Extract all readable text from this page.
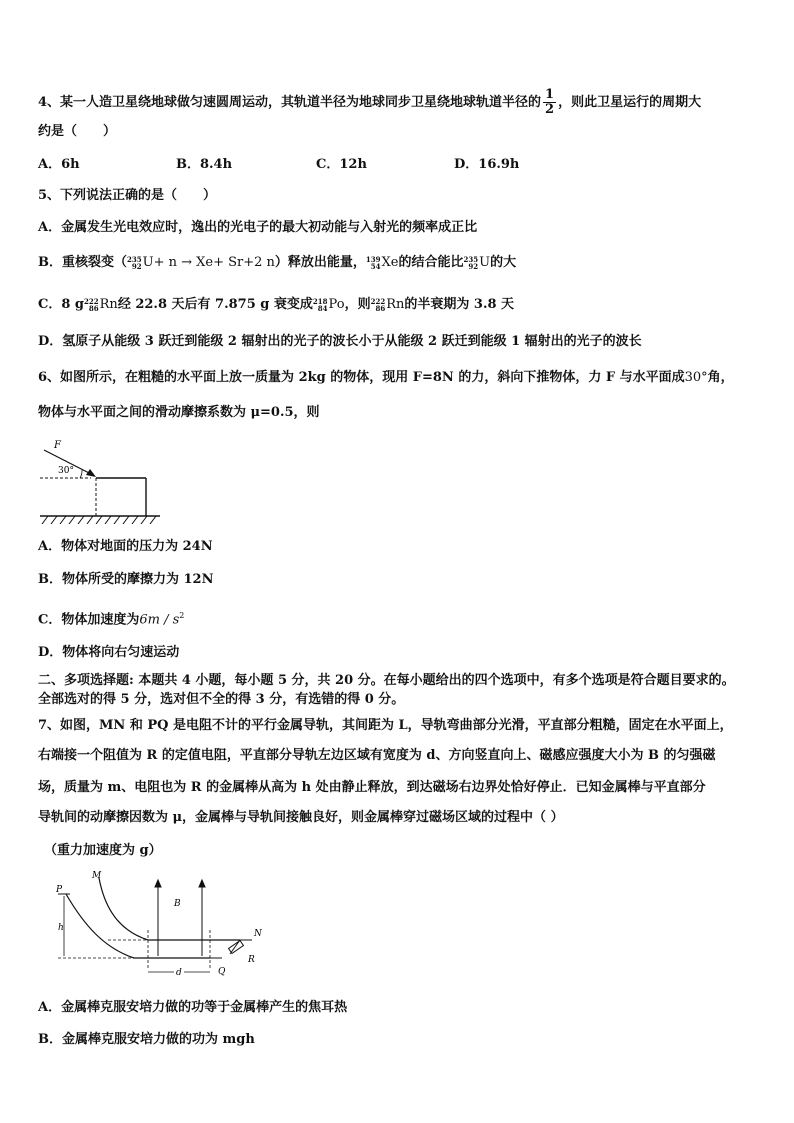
4、某一人造卫星绕地球做匀速圆周运动，其轨道半径为地球同步卫星绕地球轨道半径的 $\frac{1}{2}$ ，则此卫星运行的周期大
约是（　　）
A．6h	B．8.4h	C．12h	D．16.9h
5、下列说法正确的是（　　）
A．金属发生光电效应时，逸出的光电子的最大初动能与入射光的频率成正比
B．重核裂变（ 235
92 U+ n → Xe+ Sr+2 n）释放出能量， 139
54 Xe的结合能比 235
92 U的大
C．8 g 222
86 Rn经 22.8 天后有 7.875 g 衰变成 218
84 Po，则 222
86 Rn的半衰期为 3.8 天
D．氢原子从能级 3 跃迁到能级 2 辐射出的光子的波长小于从能级 2 跃迁到能级 1 辐射出的光子的波长
6、如图所示，在粗糙的水平面上放一质量为 2kg 的物体，现用 F=8N 的力，斜向下推物体，力 F 与水平面成30°角，
物体与水平面之间的滑动摩擦系数为 μ=0.5，则
F
30°
A．物体对地面的压力为 24N
B．物体所受的摩擦力为 12N
C．物体加速度为$6m / s^2$
D．物体将向右匀速运动
二、多项选择题: 本题共 4 小题，每小题 5 分，共 20 分。在每小题给出的四个选项中，有多个选项是符合题目要求的。
全部选对的得 5 分，选对但不全的得 3 分，有选错的得 0 分。
7、如图，MN 和 PQ 是电阻不计的平行金属导轨，其间距为 L，导轨弯曲部分光滑，平直部分粗糙，固定在水平面上，
右端接一个阻值为 R 的定值电阻，平直部分导轨左边区域有宽度为 d、方向竖直向上、磁感应强度大小为 B 的匀强磁
场，质量为 m、电阻也为 R 的金属棒从高为 h 处由静止释放，到达磁场右边界处恰好停止．已知金属棒与平直部分
导轨间的动摩擦因数为 μ，金属棒与导轨间接触良好，则金属棒穿过磁场区域的过程中（ ）
（重力加速度为 g）
M
P
h
B
N
R
d	Q
A．金属棒克服安培力做的功等于金属棒产生的焦耳热
B．金属棒克服安培力做的功为 mgh
